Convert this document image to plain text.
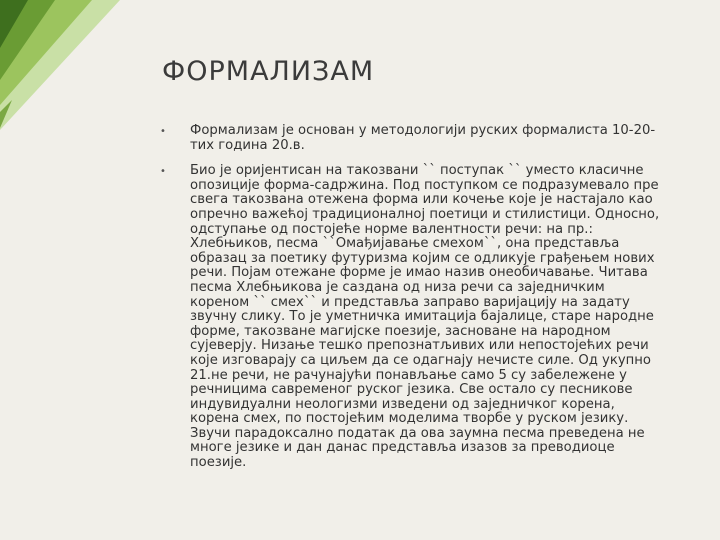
ФОРМАЛИЗАМ
• Формализам је основан у методологији руских формалиста 10-20-тих година 20.в.
• Био је оријентисан на такозвани `` поступак `` уместо класичне опозиције форма-садржина. Под поступком се подразумевало пре свега такозвана отежена форма или кочење које је настајало као опречно важећој традиционалној поетици и стилистици. Односно, одступање од постојеће норме валентности речи: на пр.: Хлебњиков, песма ``Омађијавање смехом``, она представља образац за поетику футуризма којим се одликује грађењем нових речи. Појам отежане форме је имао назив онеобичавање. Читава песма Хлебњикова је саздана од низа речи са заједничким кореном `` смех`` и представља заправо варијацију на задату звучну слику. То је уметничка имитација бајалице, старе народне форме, такозване магијске поезије, засноване на народном сујеверју. Низање тешко препознатљивих или непостојећих речи које изговарају са циљем да се одагнају нечисте силе. Од укупно 21.не речи, не рачунајући понављање само 5 су забележене у речницима савременог руског језика. Све остало су песникове индувидуални неологизми изведени од заједничког корена, корена смех, по постојећим моделима творбе у руском језику. Звучи парадоксално податак да ова заумна песма преведена не многе језике и дан данас представља изазов за преводиоце поезије.
